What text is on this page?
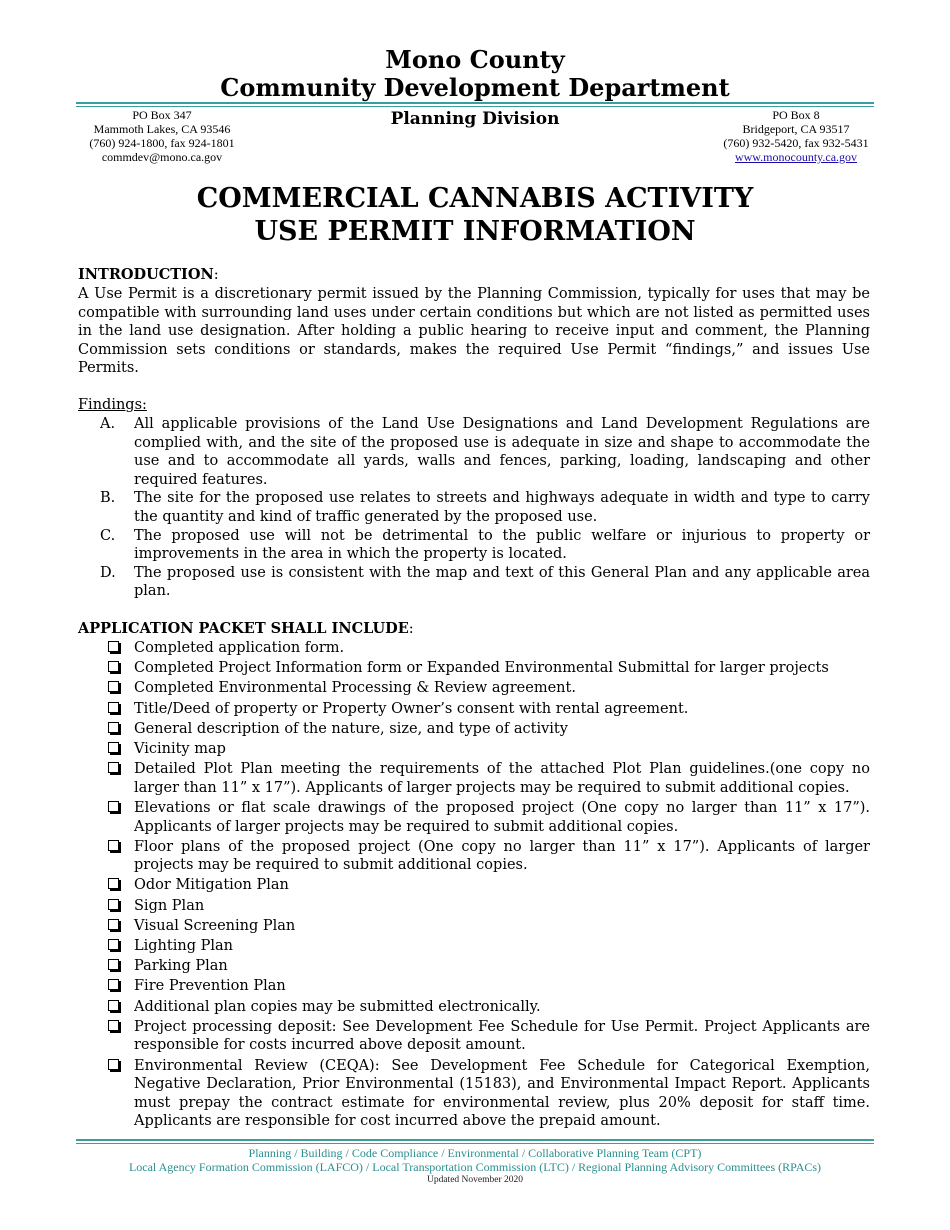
Mono County
Community Development Department
Planning Division
PO Box 347
Mammoth Lakes, CA 93546
(760) 924-1800, fax 924-1801
commdev@mono.ca.gov
PO Box 8
Bridgeport, CA 93517
(760) 932-5420, fax 932-5431
www.monocounty.ca.gov
COMMERCIAL CANNABIS ACTIVITY
USE PERMIT INFORMATION
INTRODUCTION:
A Use Permit is a discretionary permit issued by the Planning Commission, typically for uses that may be compatible with surrounding land uses under certain conditions but which are not listed as permitted uses in the land use designation. After holding a public hearing to receive input and comment, the Planning Commission sets conditions or standards, makes the required Use Permit “findings,” and issues Use Permits.
Findings:
A. All applicable provisions of the Land Use Designations and Land Development Regulations are complied with, and the site of the proposed use is adequate in size and shape to accommodate the use and to accommodate all yards, walls and fences, parking, loading, landscaping and other required features.
B. The site for the proposed use relates to streets and highways adequate in width and type to carry the quantity and kind of traffic generated by the proposed use.
C. The proposed use will not be detrimental to the public welfare or injurious to property or improvements in the area in which the property is located.
D. The proposed use is consistent with the map and text of this General Plan and any applicable area plan.
APPLICATION PACKET SHALL INCLUDE:
Completed application form.
Completed Project Information form or Expanded Environmental Submittal for larger projects
Completed Environmental Processing & Review agreement.
Title/Deed of property or Property Owner’s consent with rental agreement.
General description of the nature, size, and type of activity
Vicinity map
Detailed Plot Plan meeting the requirements of the attached Plot Plan guidelines.(one copy no larger than 11” x 17”). Applicants of larger projects may be required to submit additional copies.
Elevations or flat scale drawings of the proposed project (One copy no larger than 11” x 17”). Applicants of larger projects may be required to submit additional copies.
Floor plans of the proposed project (One copy no larger than 11” x 17”). Applicants of larger projects may be required to submit additional copies.
Odor Mitigation Plan
Sign Plan
Visual Screening Plan
Lighting Plan
Parking Plan
Fire Prevention Plan
Additional plan copies may be submitted electronically.
Project processing deposit: See Development Fee Schedule for Use Permit. Project Applicants are responsible for costs incurred above deposit amount.
Environmental Review (CEQA): See Development Fee Schedule for Categorical Exemption, Negative Declaration, Prior Environmental (15183), and Environmental Impact Report. Applicants must prepay the contract estimate for environmental review, plus 20% deposit for staff time. Applicants are responsible for cost incurred above the prepaid amount.
Planning / Building / Code Compliance / Environmental / Collaborative Planning Team (CPT)
Local Agency Formation Commission (LAFCO) / Local Transportation Commission (LTC) / Regional Planning Advisory Committees (RPACs)
Updated November 2020
